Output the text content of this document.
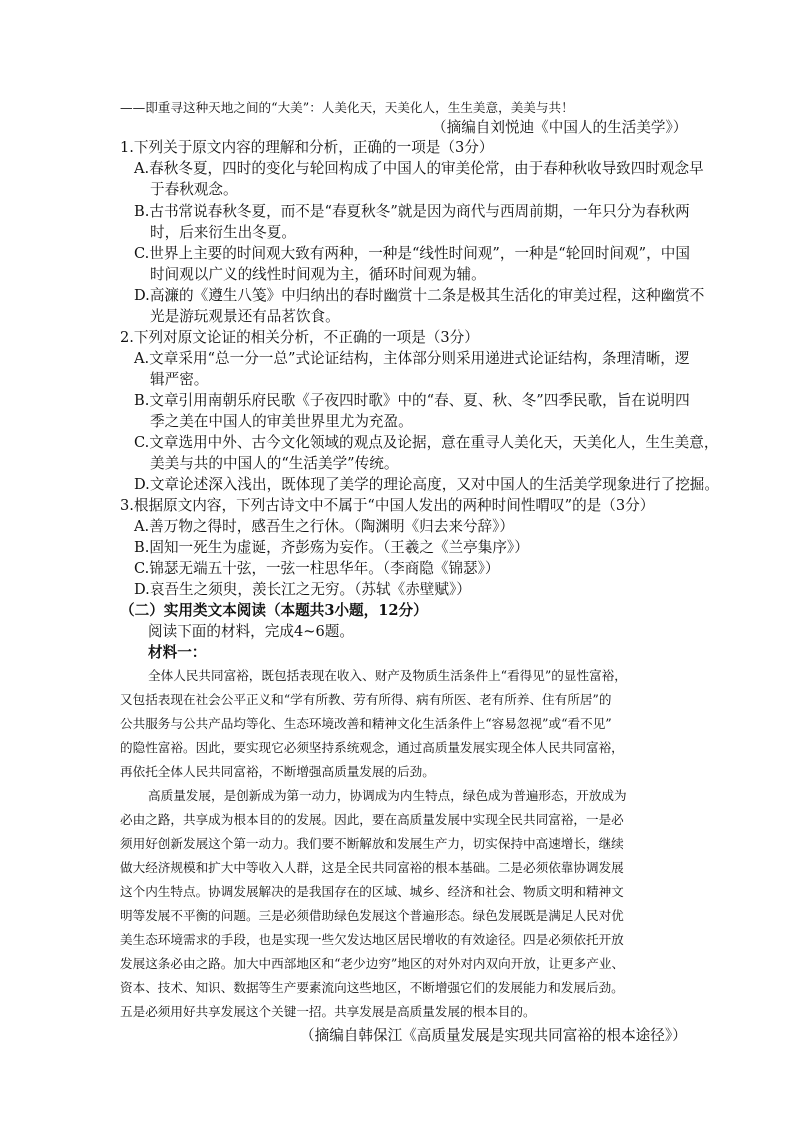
——即重寻这种天地之间的“大美”：人美化天，天美化人，生生美意，美美与共！
（摘编自刘悦迪《中国人的生活美学》）
1.下列关于原文内容的理解和分析，正确的一项是（3分）
A.春秋冬夏，四时的变化与轮回构成了中国人的审美伦常，由于春种秋收导致四时观念早
于春秋观念。
B.古书常说春秋冬夏，而不是“春夏秋冬”就是因为商代与西周前期，一年只分为春秋两
时，后来衍生出冬夏。
C.世界上主要的时间观大致有两种，一种是“线性时间观”，一种是“轮回时间观”，中国
时间观以广义的线性时间观为主，循环时间观为辅。
D.高濂的《遵生八笺》中归纳出的春时幽赏十二条是极其生活化的审美过程，这种幽赏不
光是游玩观景还有品茗饮食。
2.下列对原文论证的相关分析，不正确的一项是（3分）
A.文章采用“总一分一总”式论证结构，主体部分则采用递进式论证结构，条理清晰，逻
辑严密。
B.文章引用南朝乐府民歌《子夜四时歌》中的“春、夏、秋、冬”四季民歌，旨在说明四
季之美在中国人的审美世界里尤为充盈。
C.文章选用中外、古今文化领域的观点及论据，意在重寻人美化天，天美化人，生生美意，
美美与共的中国人的“生活美学”传统。
D.文章论述深入浅出，既体现了美学的理论高度，又对中国人的生活美学现象进行了挖掘。
3.根据原文内容，下列古诗文中不属于“中国人发出的两种时间性喟叹”的是（3分）
A.善万物之得时，感吾生之行休。（陶渊明《归去来兮辞》）
B.固知一死生为虚诞，齐彭殇为妄作。（王羲之《兰亭集序》）
C.锦瑟无端五十弦，一弦一柱思华年。（李商隐《锦瑟》）
D.哀吾生之须臾，羡长江之无穷。（苏轼《赤壁赋》）
（二）实用类文本阅读（本题共3小题，12分）
阅读下面的材料，完成4~6题。
材料一：
全体人民共同富裕，既包括表现在收入、财产及物质生活条件上“看得见”的显性富裕，
又包括表现在社会公平正义和“学有所教、劳有所得、病有所医、老有所养、住有所居”的
公共服务与公共产品均等化、生态环境改善和精神文化生活条件上“容易忽视”或“看不见”
的隐性富裕。因此，要实现它必须坚持系统观念，通过高质量发展实现全体人民共同富裕，
再依托全体人民共同富裕，不断增强高质量发展的后劲。
高质量发展，是创新成为第一动力，协调成为内生特点，绿色成为普遍形态，开放成为
必由之路，共享成为根本目的的发展。因此，要在高质量发展中实现全民共同富裕，一是必
须用好创新发展这个第一动力。我们要不断解放和发展生产力，切实保持中高速增长，继续
做大经济规模和扩大中等收入人群，这是全民共同富裕的根本基础。二是必须依靠协调发展
这个内生特点。协调发展解决的是我国存在的区域、城乡、经济和社会、物质文明和精神文
明等发展不平衡的问题。三是必须借助绿色发展这个普遍形态。绿色发展既是满足人民对优
美生态环境需求的手段，也是实现一些欠发达地区居民增收的有效途径。四是必须依托开放
发展这条必由之路。加大中西部地区和“老少边穷”地区的对外对内双向开放，让更多产业、
资本、技术、知识、数据等生产要素流向这些地区，不断增强它们的发展能力和发展后劲。
五是必须用好共享发展这个关键一招。共享发展是高质量发展的根本目的。
（摘编自韩保江《高质量发展是实现共同富裕的根本途径》）
